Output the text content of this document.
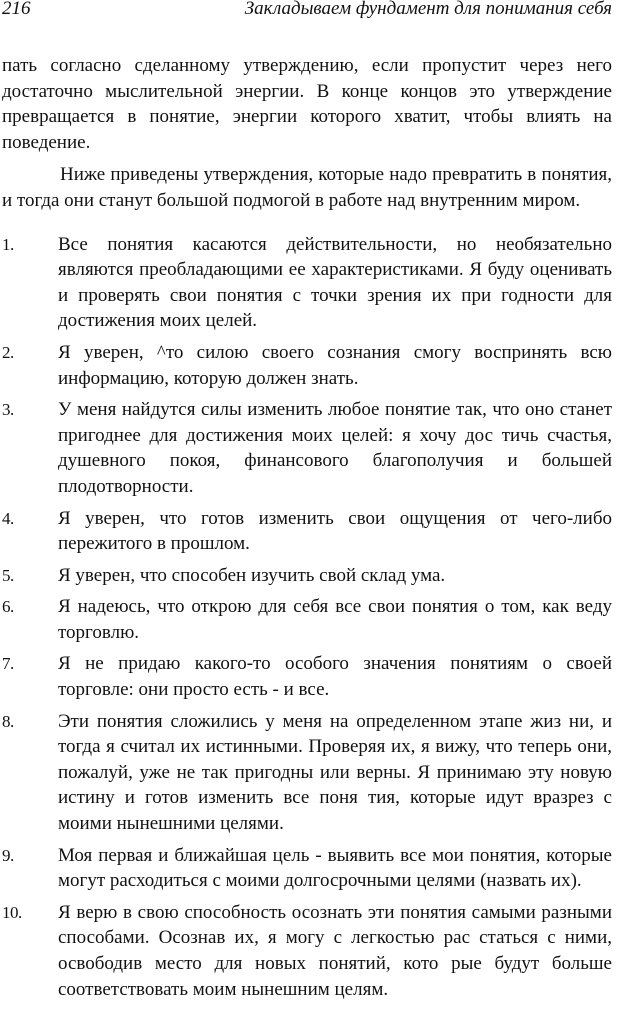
216	Закладываем фундамент для понимания себя

пать согласно сделанному утверждению, если пропустит через него достаточно мыслительной энергии. В конце концов это утверждение превращается в понятие, энергии которого хватит, чтобы влиять на поведение.

Ниже приведены утверждения, которые надо превратить в понятия, и тогда они станут большой подмогой в работе над внутренним миром.

1.	Все понятия касаются действительности, но необязательно являются преобладающими ее характеристиками. Я буду оценивать и проверять свои понятия с точки зрения их при годности для достижения моих целей.
2.	Я уверен, ^то силою своего сознания смогу воспринять всю информацию, которую должен знать.
3.	У меня найдутся силы изменить любое понятие так, что оно станет пригоднее для достижения моих целей: я хочу дос тичь счастья, душевного покоя, финансового благополучия и большей плодотворности.
4.	Я уверен, что готов изменить свои ощущения от чего-либо пережитого в прошлом.
5.	Я уверен, что способен изучить свой склад ума.
6.	Я надеюсь, что открою для себя все свои понятия о том, как веду торговлю.
7.	Я не придаю какого-то особого значения понятиям о своей торговле: они просто есть - и все.
8.	Эти понятия сложились у меня на определенном этапе жиз ни, и тогда я считал их истинными. Проверяя их, я вижу, что теперь они, пожалуй, уже не так пригодны или верны. Я принимаю эту новую истину и готов изменить все поня тия, которые идут вразрез с моими нынешними целями.
9.	Моя первая и ближайшая цель - выявить все мои понятия, которые могут расходиться с моими долгосрочными целями (назвать их).
10.	Я верю в свою способность осознать эти понятия самыми разными способами. Осознав их, я могу с легкостью рас статься с ними, освободив место для новых понятий, кото рые будут больше соответствовать моим нынешним целям.
